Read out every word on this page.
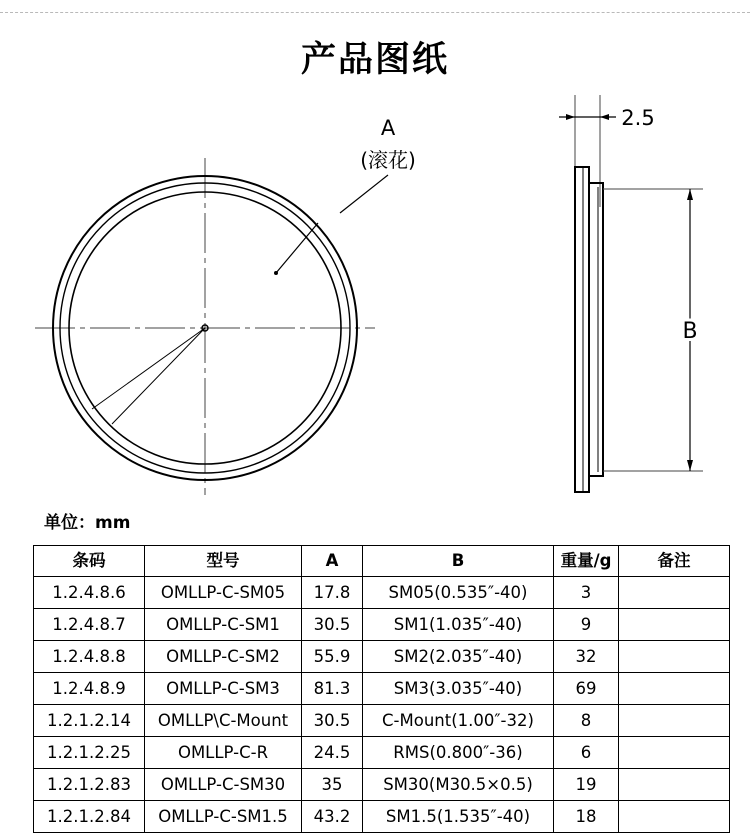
产品图纸
A
(滚花)
2.5
B
单位：mm
条码	型号	A	B	重量/g	备注
1.2.4.8.6	OMLLP-C-SM05	17.8	SM05(0.535″-40)	3	
1.2.4.8.7	OMLLP-C-SM1	30.5	SM1(1.035″-40)	9	
1.2.4.8.8	OMLLP-C-SM2	55.9	SM2(2.035″-40)	32	
1.2.4.8.9	OMLLP-C-SM3	81.3	SM3(3.035″-40)	69	
1.2.1.2.14	OMLLP\C-Mount	30.5	C-Mount(1.00″-32)	8	
1.2.1.2.25	OMLLP-C-R	24.5	RMS(0.800″-36)	6	
1.2.1.2.83	OMLLP-C-SM30	35	SM30(M30.5×0.5)	19	
1.2.1.2.84	OMLLP-C-SM1.5	43.2	SM1.5(1.535″-40)	18	
